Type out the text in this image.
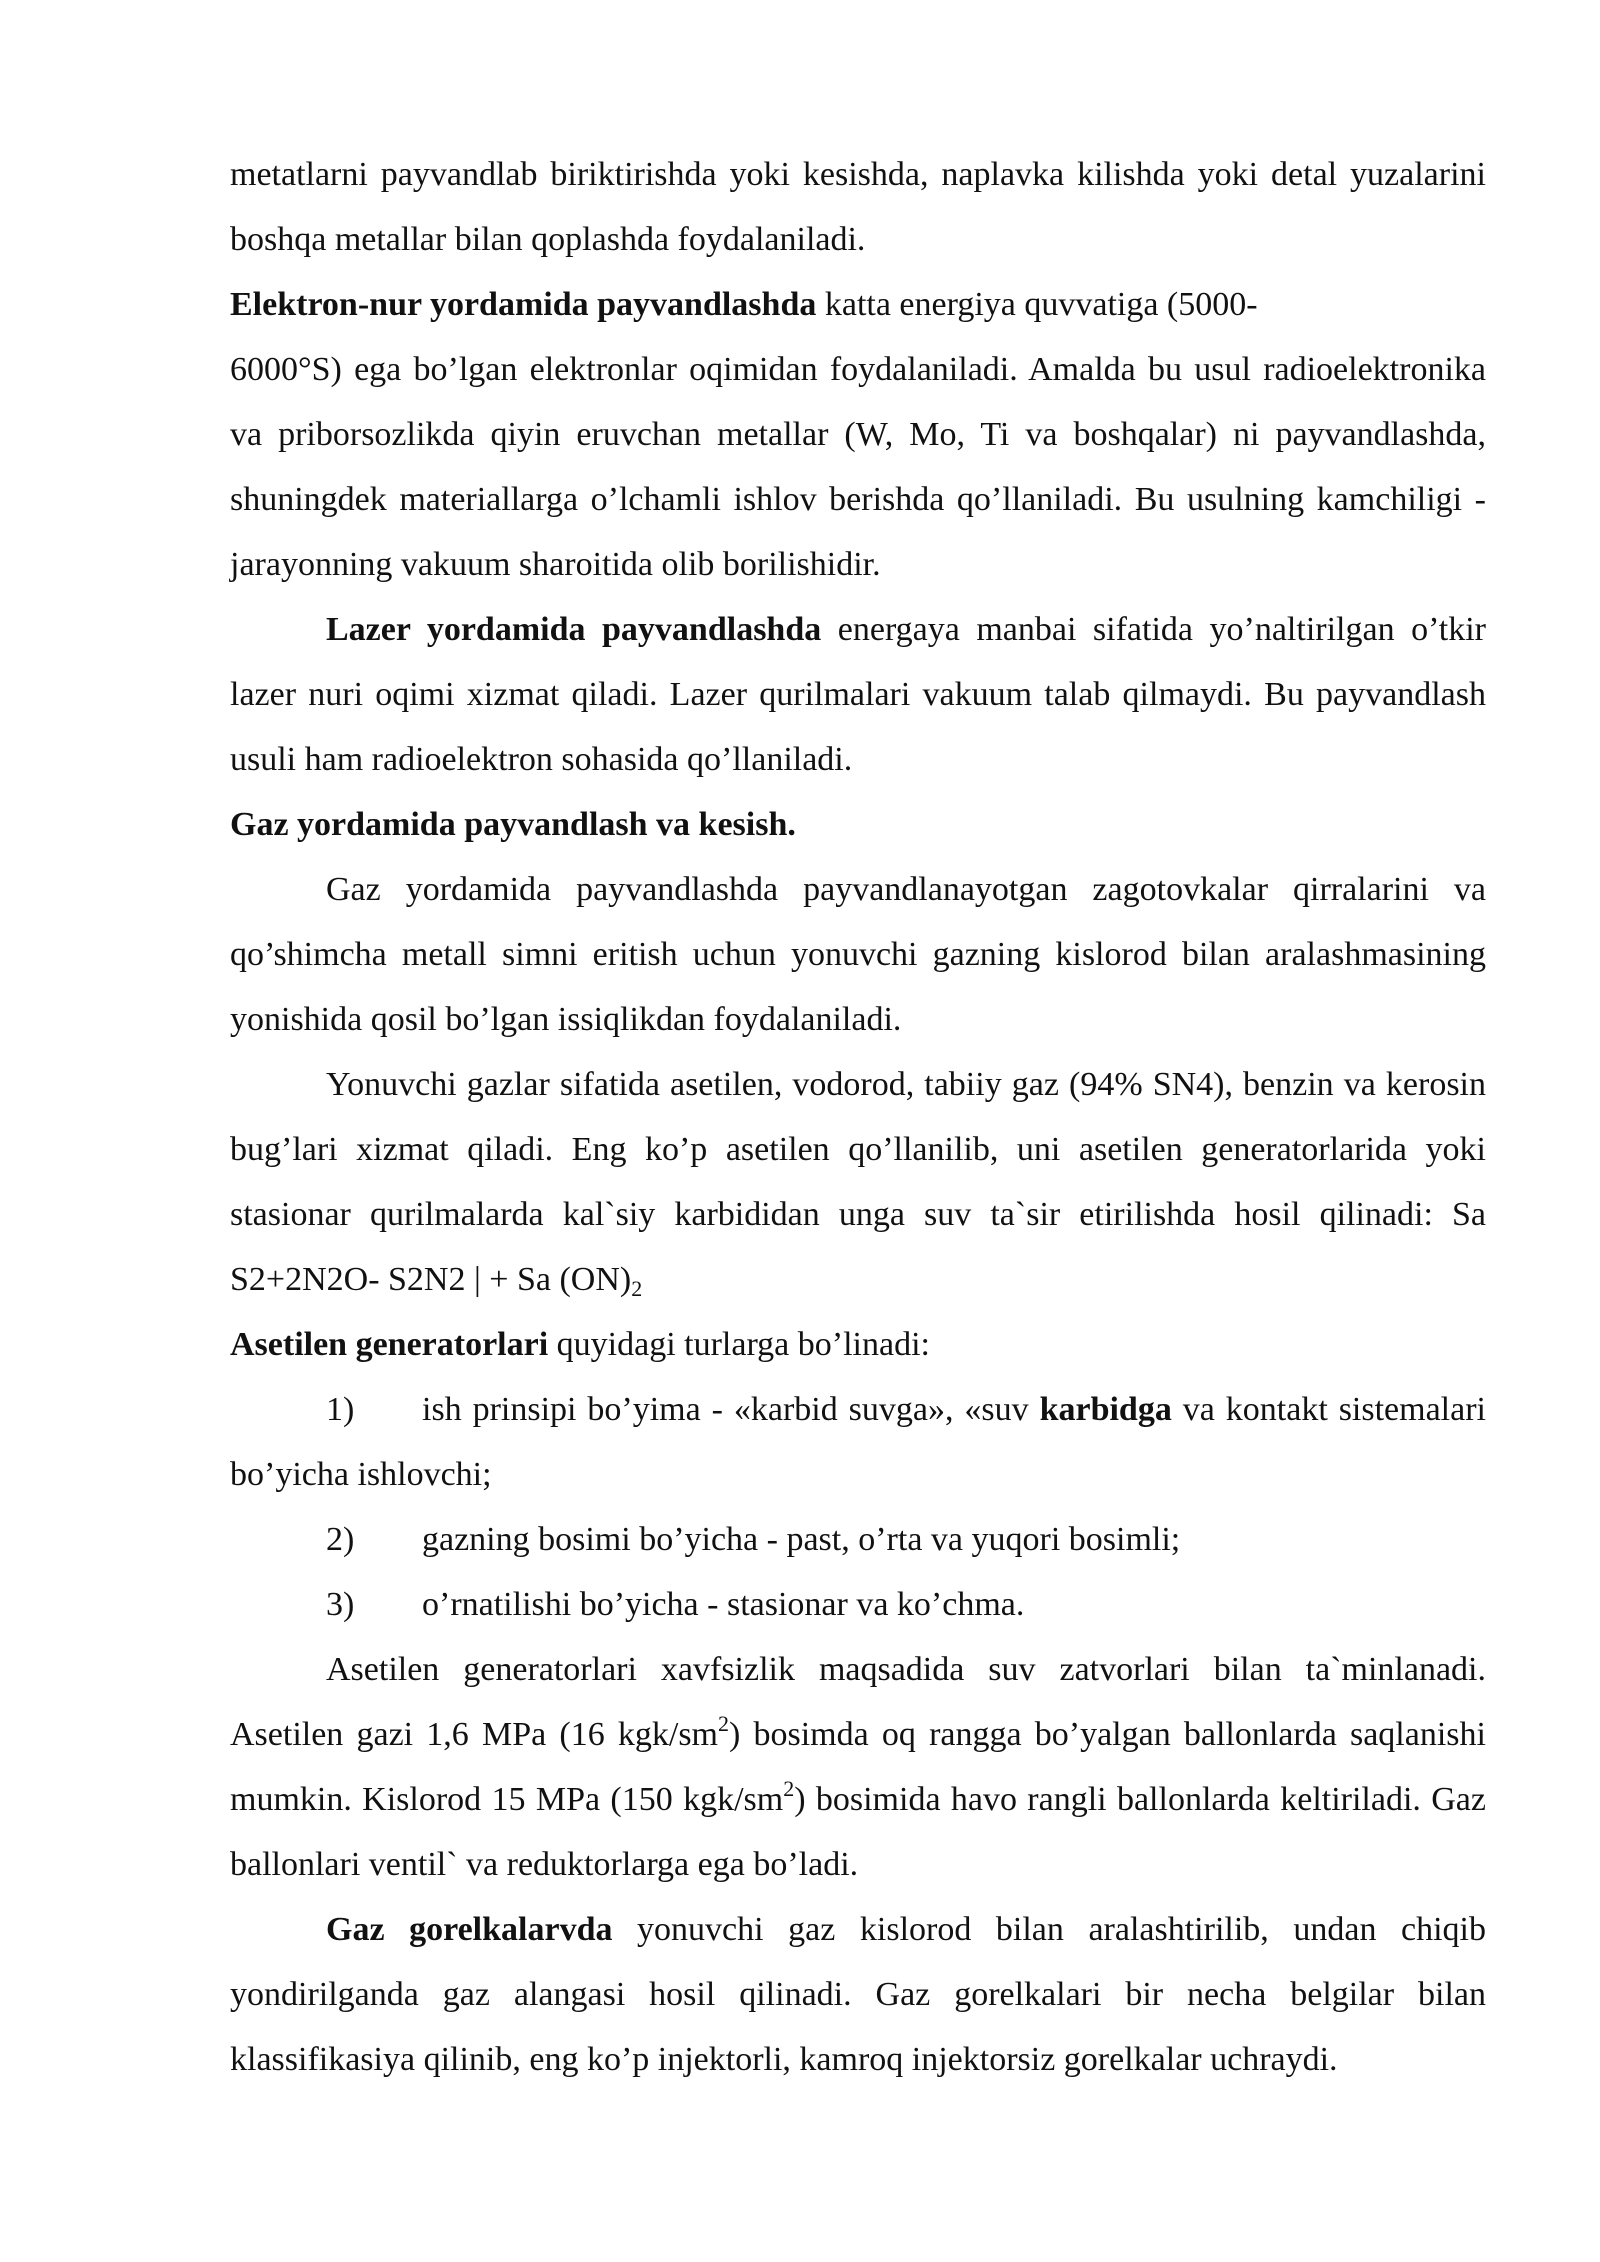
metatlarni payvandlab biriktirishda yoki kesishda, naplavka kilishda yoki detal yuzalarini boshqa metallar bilan qoplashda foydalaniladi.

Elektron-nur yordamida payvandlashda katta energiya quvvatiga (5000-
6000°S) ega bo’lgan elektronlar oqimidan foydalaniladi. Amalda bu usul radioelektronika va priborsozlikda qiyin eruvchan metallar (W, Mo, Ti va boshqalar) ni payvandlashda, shuningdek materiallarga o’lchamli ishlov berishda qo’llaniladi. Bu usulning kamchiligi - jarayonning vakuum sharoitida olib borilishidir.

Lazer yordamida payvandlashda energaya manbai sifatida yo’naltirilgan o’tkir lazer nuri oqimi xizmat qiladi. Lazer qurilmalari vakuum talab qilmaydi. Bu payvandlash usuli ham radioelektron sohasida qo’llaniladi.

Gaz yordamida payvandlash va kesish.

Gaz yordamida payvandlashda payvandlanayotgan zagotovkalar qirralarini va qo’shimcha metall simni eritish uchun yonuvchi gazning kislorod bilan aralashmasining yonishida qosil bo’lgan issiqlikdan foydalaniladi.

Yonuvchi gazlar sifatida asetilen, vodorod, tabiiy gaz (94% SN4), benzin va kerosin bug’lari xizmat qiladi. Eng ko’p asetilen qo’llanilib, uni asetilen generatorlarida yoki stasionar qurilmalarda kal`siy karbididan unga suv ta`sir etirilishda hosil qilinadi: Sa S2+2N2O- S2N2 | + Sa $(ON)_2$

Asetilen generatorlari quyidagi turlarga bo’linadi:

1) ish prinsipi bo’yima - «karbid suvga», «suv karbidga va kontakt sistemalari bo’yicha ishlovchi;
2) gazning bosimi bo’yicha - past, o’rta va yuqori bosimli;
3) o’rnatilishi bo’yicha - stasionar va ko’chma.

Asetilen generatorlari xavfsizlik maqsadida suv zatvorlari bilan ta`minlanadi. Asetilen gazi 1,6 MPa (16 kgk/$sm^2$) bosimda oq rangga bo’yalgan ballonlarda saqlanishi mumkin. Kislorod 15 MPa (150 kgk/$sm^2$) bosimida havo rangli ballonlarda keltiriladi. Gaz ballonlari ventil` va reduktorlarga ega bo’ladi.

Gaz gorelkalarvda yonuvchi gaz kislorod bilan aralashtirilib, undan chiqib yondirilganda gaz alangasi hosil qilinadi. Gaz gorelkalari bir necha belgilar bilan klassifikasiya qilinib, eng ko’p injektorli, kamroq injektorsiz gorelkalar uchraydi.
